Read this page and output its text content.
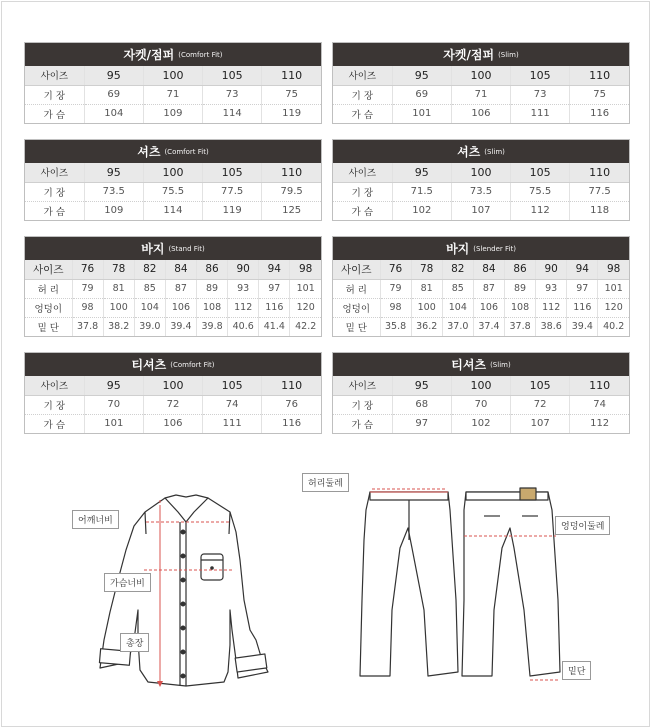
자켓/점퍼 (Comfort Fit)
사이즈	95	100	105	110
기 장	69	71	73	75
가 슴	104	109	114	119
자켓/점퍼 (Slim)
사이즈	95	100	105	110
기 장	69	71	73	75
가 슴	101	106	111	116
셔츠 (Comfort Fit)
사이즈	95	100	105	110
기 장	73.5	75.5	77.5	79.5
가 슴	109	114	119	125
셔츠 (Slim)
사이즈	95	100	105	110
기 장	71.5	73.5	75.5	77.5
가 슴	102	107	112	118
바지 (Stand Fit)
사이즈	76	78	82	84	86	90	94	98
허 리	79	81	85	87	89	93	97	101
엉덩이	98	100	104	106	108	112	116	120
밑 단	37.8	38.2	39.0	39.4	39.8	40.6	41.4	42.2
바지 (Slender Fit)
사이즈	76	78	82	84	86	90	94	98
허 리	79	81	85	87	89	93	97	101
엉덩이	98	100	104	106	108	112	116	120
밑 단	35.8	36.2	37.0	37.4	37.8	38.6	39.4	40.2
티셔츠 (Comfort Fit)
사이즈	95	100	105	110
기 장	70	72	74	76
가 슴	101	106	111	116
티셔츠 (Slim)
사이즈	95	100	105	110
기 장	68	70	72	74
가 슴	97	102	107	112
어깨너비
가슴너비
총장
허리둘레
엉덩이둘레
밑단
